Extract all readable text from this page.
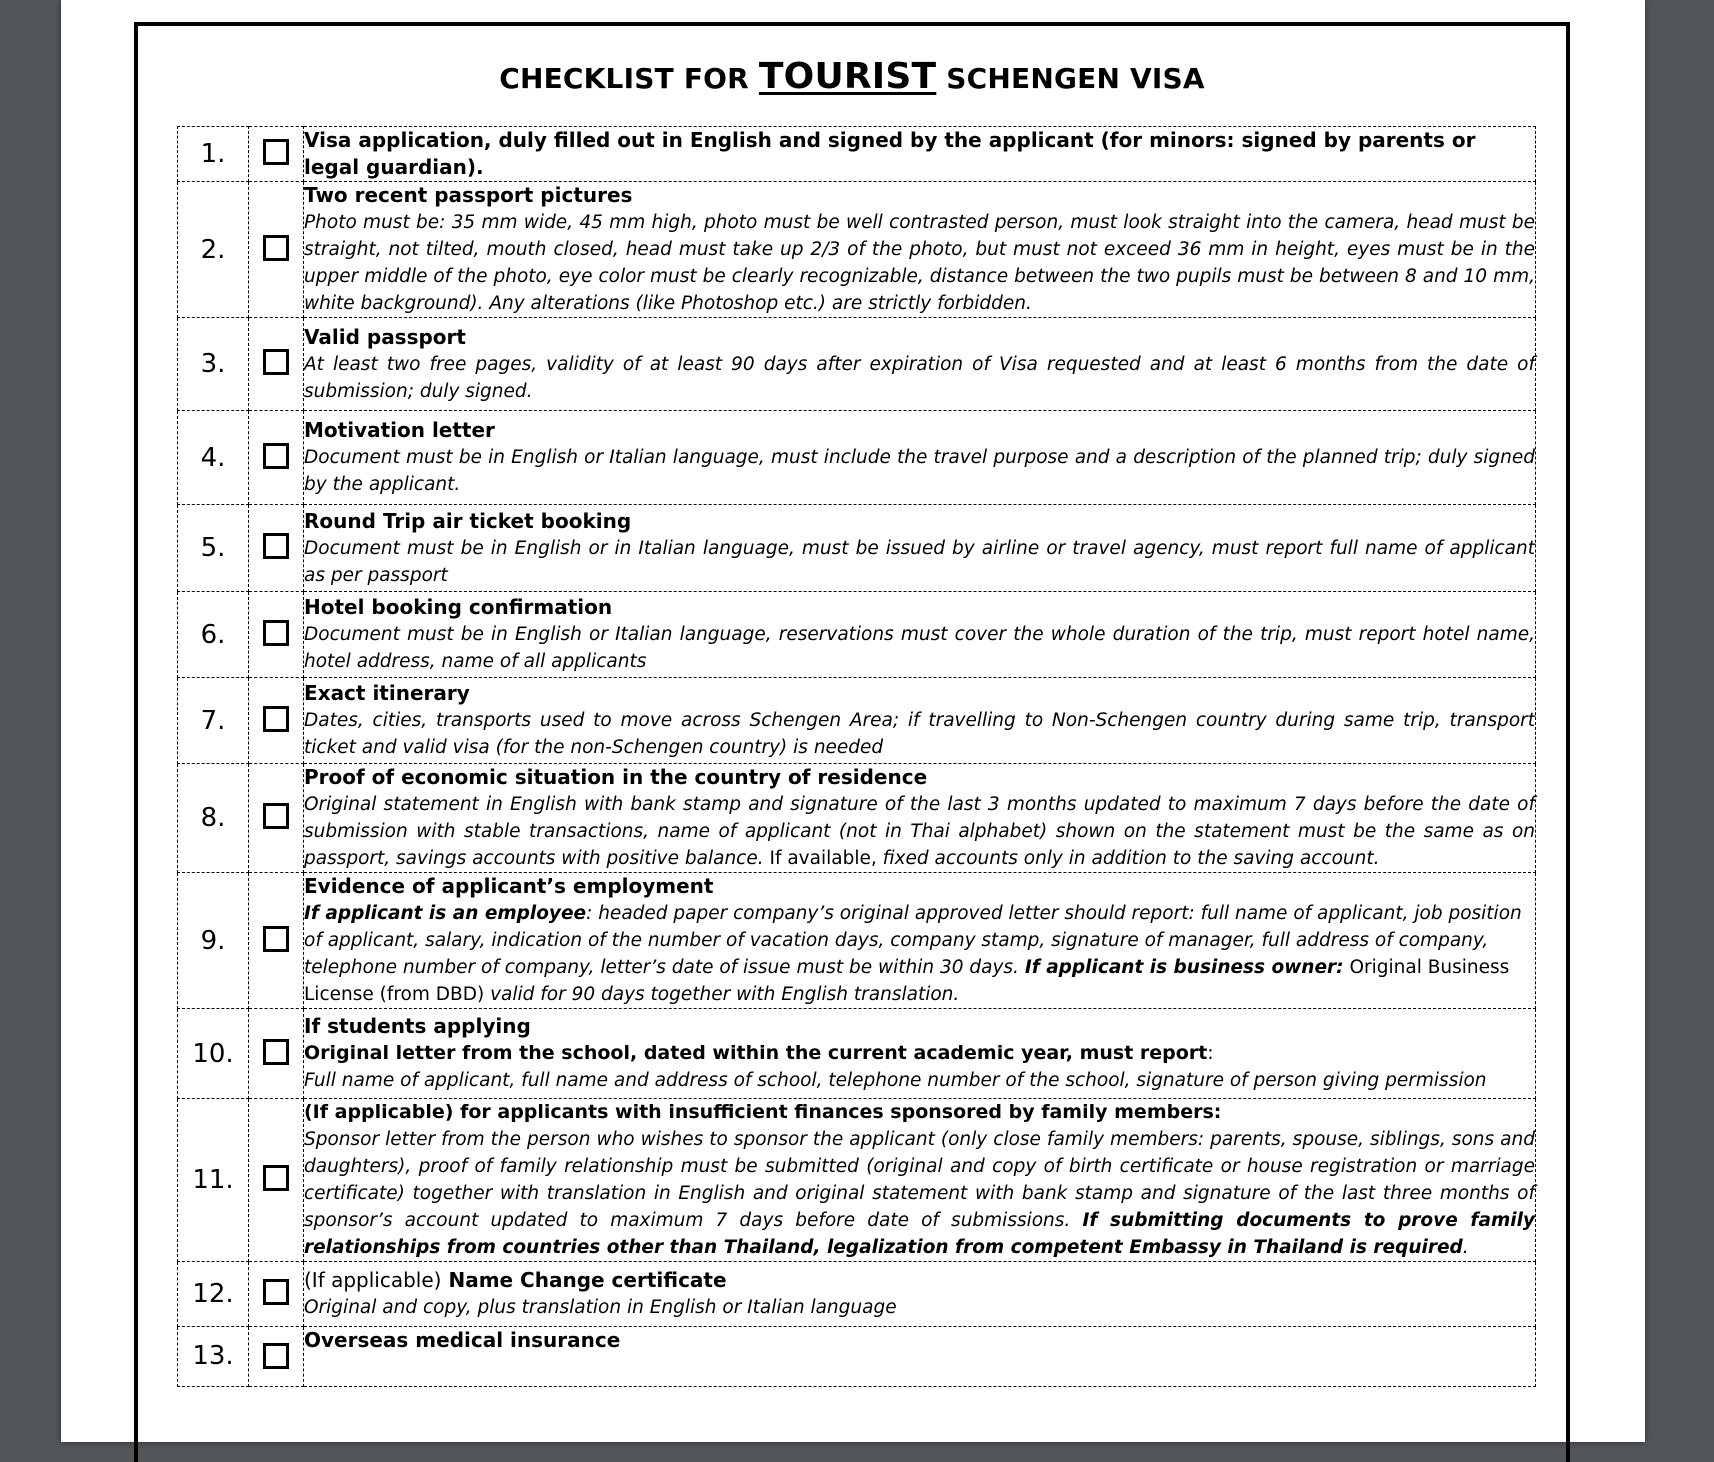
CHECKLIST FOR TOURIST SCHENGEN VISA
1.		Visa application, duly filled out in English and signed by the applicant (for minors: signed by parents or legal guardian).

2.		Two recent passport pictures
Photo must be: 35 mm wide, 45 mm high, photo must be well contrasted person, must look straight into the camera, head must be straight, not tilted, mouth closed, head must take up 2/3 of the photo, but must not exceed 36 mm in height, eyes must be in the upper middle of the photo, eye color must be clearly recognizable, distance between the two pupils must be between 8 and 10 mm, white background). Any alterations (like Photoshop etc.) are strictly forbidden.

3.		Valid passport
At least two free pages, validity of at least 90 days after expiration of Visa requested and at least 6 months from the date of submission; duly signed.

4.		Motivation letter
Document must be in English or Italian language, must include the travel purpose and a description of the planned trip; duly signed by the applicant.

5.		Round Trip air ticket booking
Document must be in English or in Italian language, must be issued by airline or travel agency, must report full name of applicant as per passport

6.		Hotel booking confirmation
Document must be in English or Italian language, reservations must cover the whole duration of the trip, must report hotel name, hotel address, name of all applicants

7.		Exact itinerary
Dates, cities, transports used to move across Schengen Area; if travelling to Non-Schengen country during same trip, transport ticket and valid visa (for the non-Schengen country) is needed

8.		Proof of economic situation in the country of residence
Original statement in English with bank stamp and signature of the last 3 months updated to maximum 7 days before the date of submission with stable transactions, name of applicant (not in Thai alphabet) shown on the statement must be the same as on passport, savings accounts with positive balance. If available, fixed accounts only in addition to the saving account.

9.		Evidence of applicant’s employment
If applicant is an employee: headed paper company’s original approved letter should report: full name of applicant, job position of applicant, salary, indication of the number of vacation days, company stamp, signature of manager, full address of company, telephone number of company, letter’s date of issue must be within 30 days. If applicant is business owner: Original Business License (from DBD) valid for 90 days together with English translation.

10.		If students applying
Original letter from the school, dated within the current academic year, must report:
Full name of applicant, full name and address of school, telephone number of the school, signature of person giving permission

11.		(If applicable) for applicants with insufficient finances sponsored by family members:
Sponsor letter from the person who wishes to sponsor the applicant (only close family members: parents, spouse, siblings, sons and daughters), proof of family relationship must be submitted (original and copy of birth certificate or house registration or marriage certificate) together with translation in English and original statement with bank stamp and signature of the last three months of sponsor’s account updated to maximum 7 days before date of submissions. If submitting documents to prove family relationships from countries other than Thailand, legalization from competent Embassy in Thailand is required.

12.		(If applicable) Name Change certificate
Original and copy, plus translation in English or Italian language

13.		Overseas medical insurance
